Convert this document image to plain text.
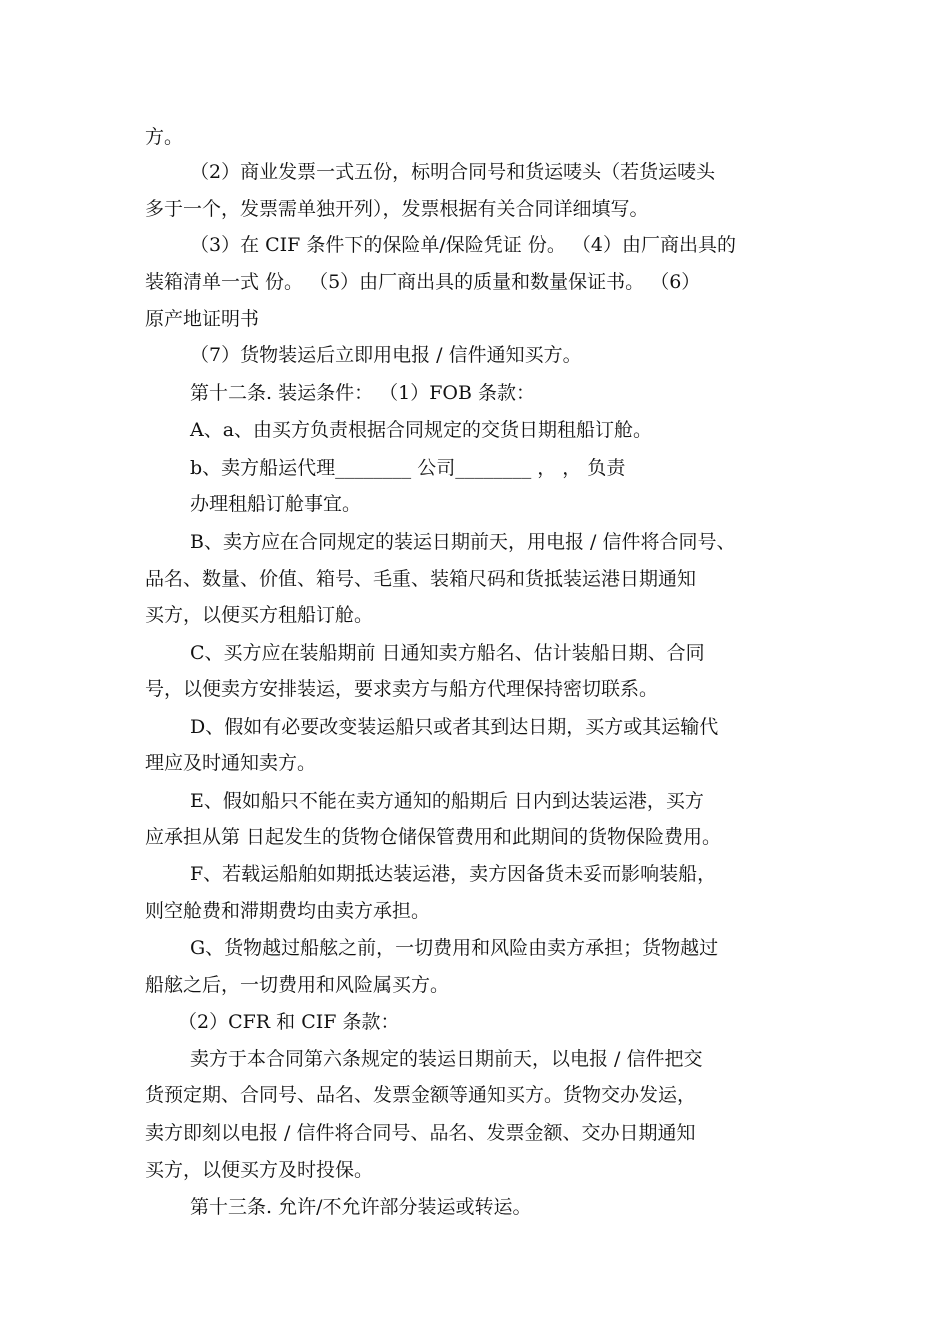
方。
（2）商业发票一式五份，标明合同号和货运唛头（若货运唛头
多于一个，发票需单独开列），发票根据有关合同详细填写。
（3）在 CIF 条件下的保险单/保险凭证 份。 （4）由厂商出具的
装箱清单一式 份。 （5）由厂商出具的质量和数量保证书。 （6）
原产地证明书
（7）货物装运后立即用电报 / 信件通知买方。
第十二条. 装运条件： （1）FOB 条款：
A、a、由买方负责根据合同规定的交货日期租船订舱。
b、卖方船运代理________ 公司________ ， ， 负责
办理租船订舱事宜。
B、卖方应在合同规定的装运日期前天，用电报 / 信件将合同号、
品名、数量、价值、箱号、毛重、装箱尺码和货抵装运港日期通知
买方，以便买方租船订舱。
C、买方应在装船期前 日通知卖方船名、估计装船日期、合同
号，以便卖方安排装运，要求卖方与船方代理保持密切联系。
D、假如有必要改变装运船只或者其到达日期，买方或其运输代
理应及时通知卖方。
E、假如船只不能在卖方通知的船期后 日内到达装运港，买方
应承担从第 日起发生的货物仓储保管费用和此期间的货物保险费用。
F、若载运船舶如期抵达装运港，卖方因备货未妥而影响装船，
则空舱费和滞期费均由卖方承担。
G、货物越过船舷之前，一切费用和风险由卖方承担；货物越过
船舷之后，一切费用和风险属买方。
（2）CFR 和 CIF 条款：
卖方于本合同第六条规定的装运日期前天，以电报 / 信件把交
货预定期、合同号、品名、发票金额等通知买方。货物交办发运，
卖方即刻以电报 / 信件将合同号、品名、发票金额、交办日期通知
买方，以便买方及时投保。
第十三条. 允许/不允许部分装运或转运。
